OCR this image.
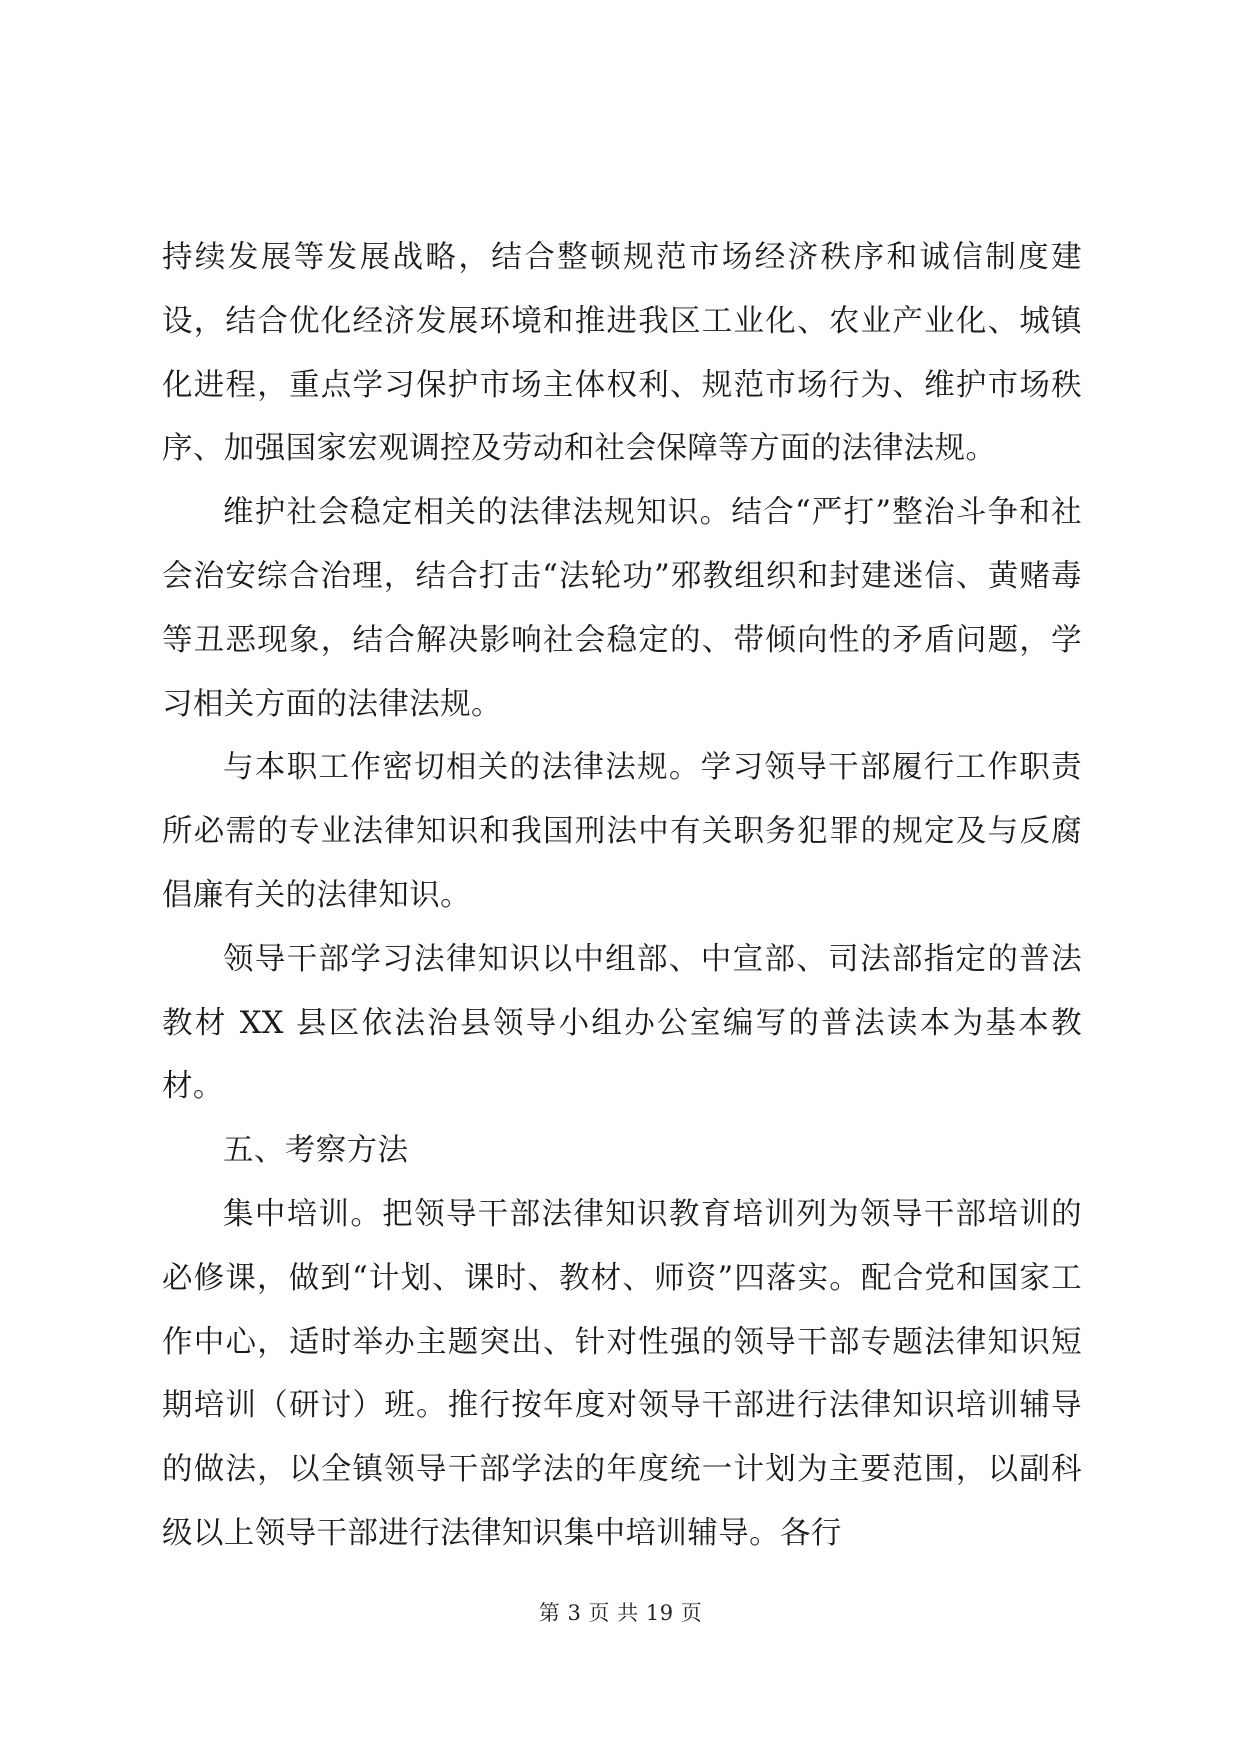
持续发展等发展战略，结合整顿规范市场经济秩序和诚信制度建设，结合优化经济发展环境和推进我区工业化、农业产业化、城镇化进程，重点学习保护市场主体权利、规范市场行为、维护市场秩序、加强国家宏观调控及劳动和社会保障等方面的法律法规。

维护社会稳定相关的法律法规知识。结合“严打”整治斗争和社会治安综合治理，结合打击“法轮功”邪教组织和封建迷信、黄赌毒等丑恶现象，结合解决影响社会稳定的、带倾向性的矛盾问题，学习相关方面的法律法规。

与本职工作密切相关的法律法规。学习领导干部履行工作职责所必需的专业法律知识和我国刑法中有关职务犯罪的规定及与反腐倡廉有关的法律知识。

领导干部学习法律知识以中组部、中宣部、司法部指定的普法教材 XX 县区依法治县领导小组办公室编写的普法读本为基本教材。

五、考察方法

集中培训。把领导干部法律知识教育培训列为领导干部培训的必修课，做到“计划、课时、教材、师资”四落实。配合党和国家工作中心，适时举办主题突出、针对性强的领导干部专题法律知识短期培训（研讨）班。推行按年度对领导干部进行法律知识培训辅导的做法，以全镇领导干部学法的年度统一计划为主要范围，以副科级以上领导干部进行法律知识集中培训辅导。各行

第 3 页 共 19 页
